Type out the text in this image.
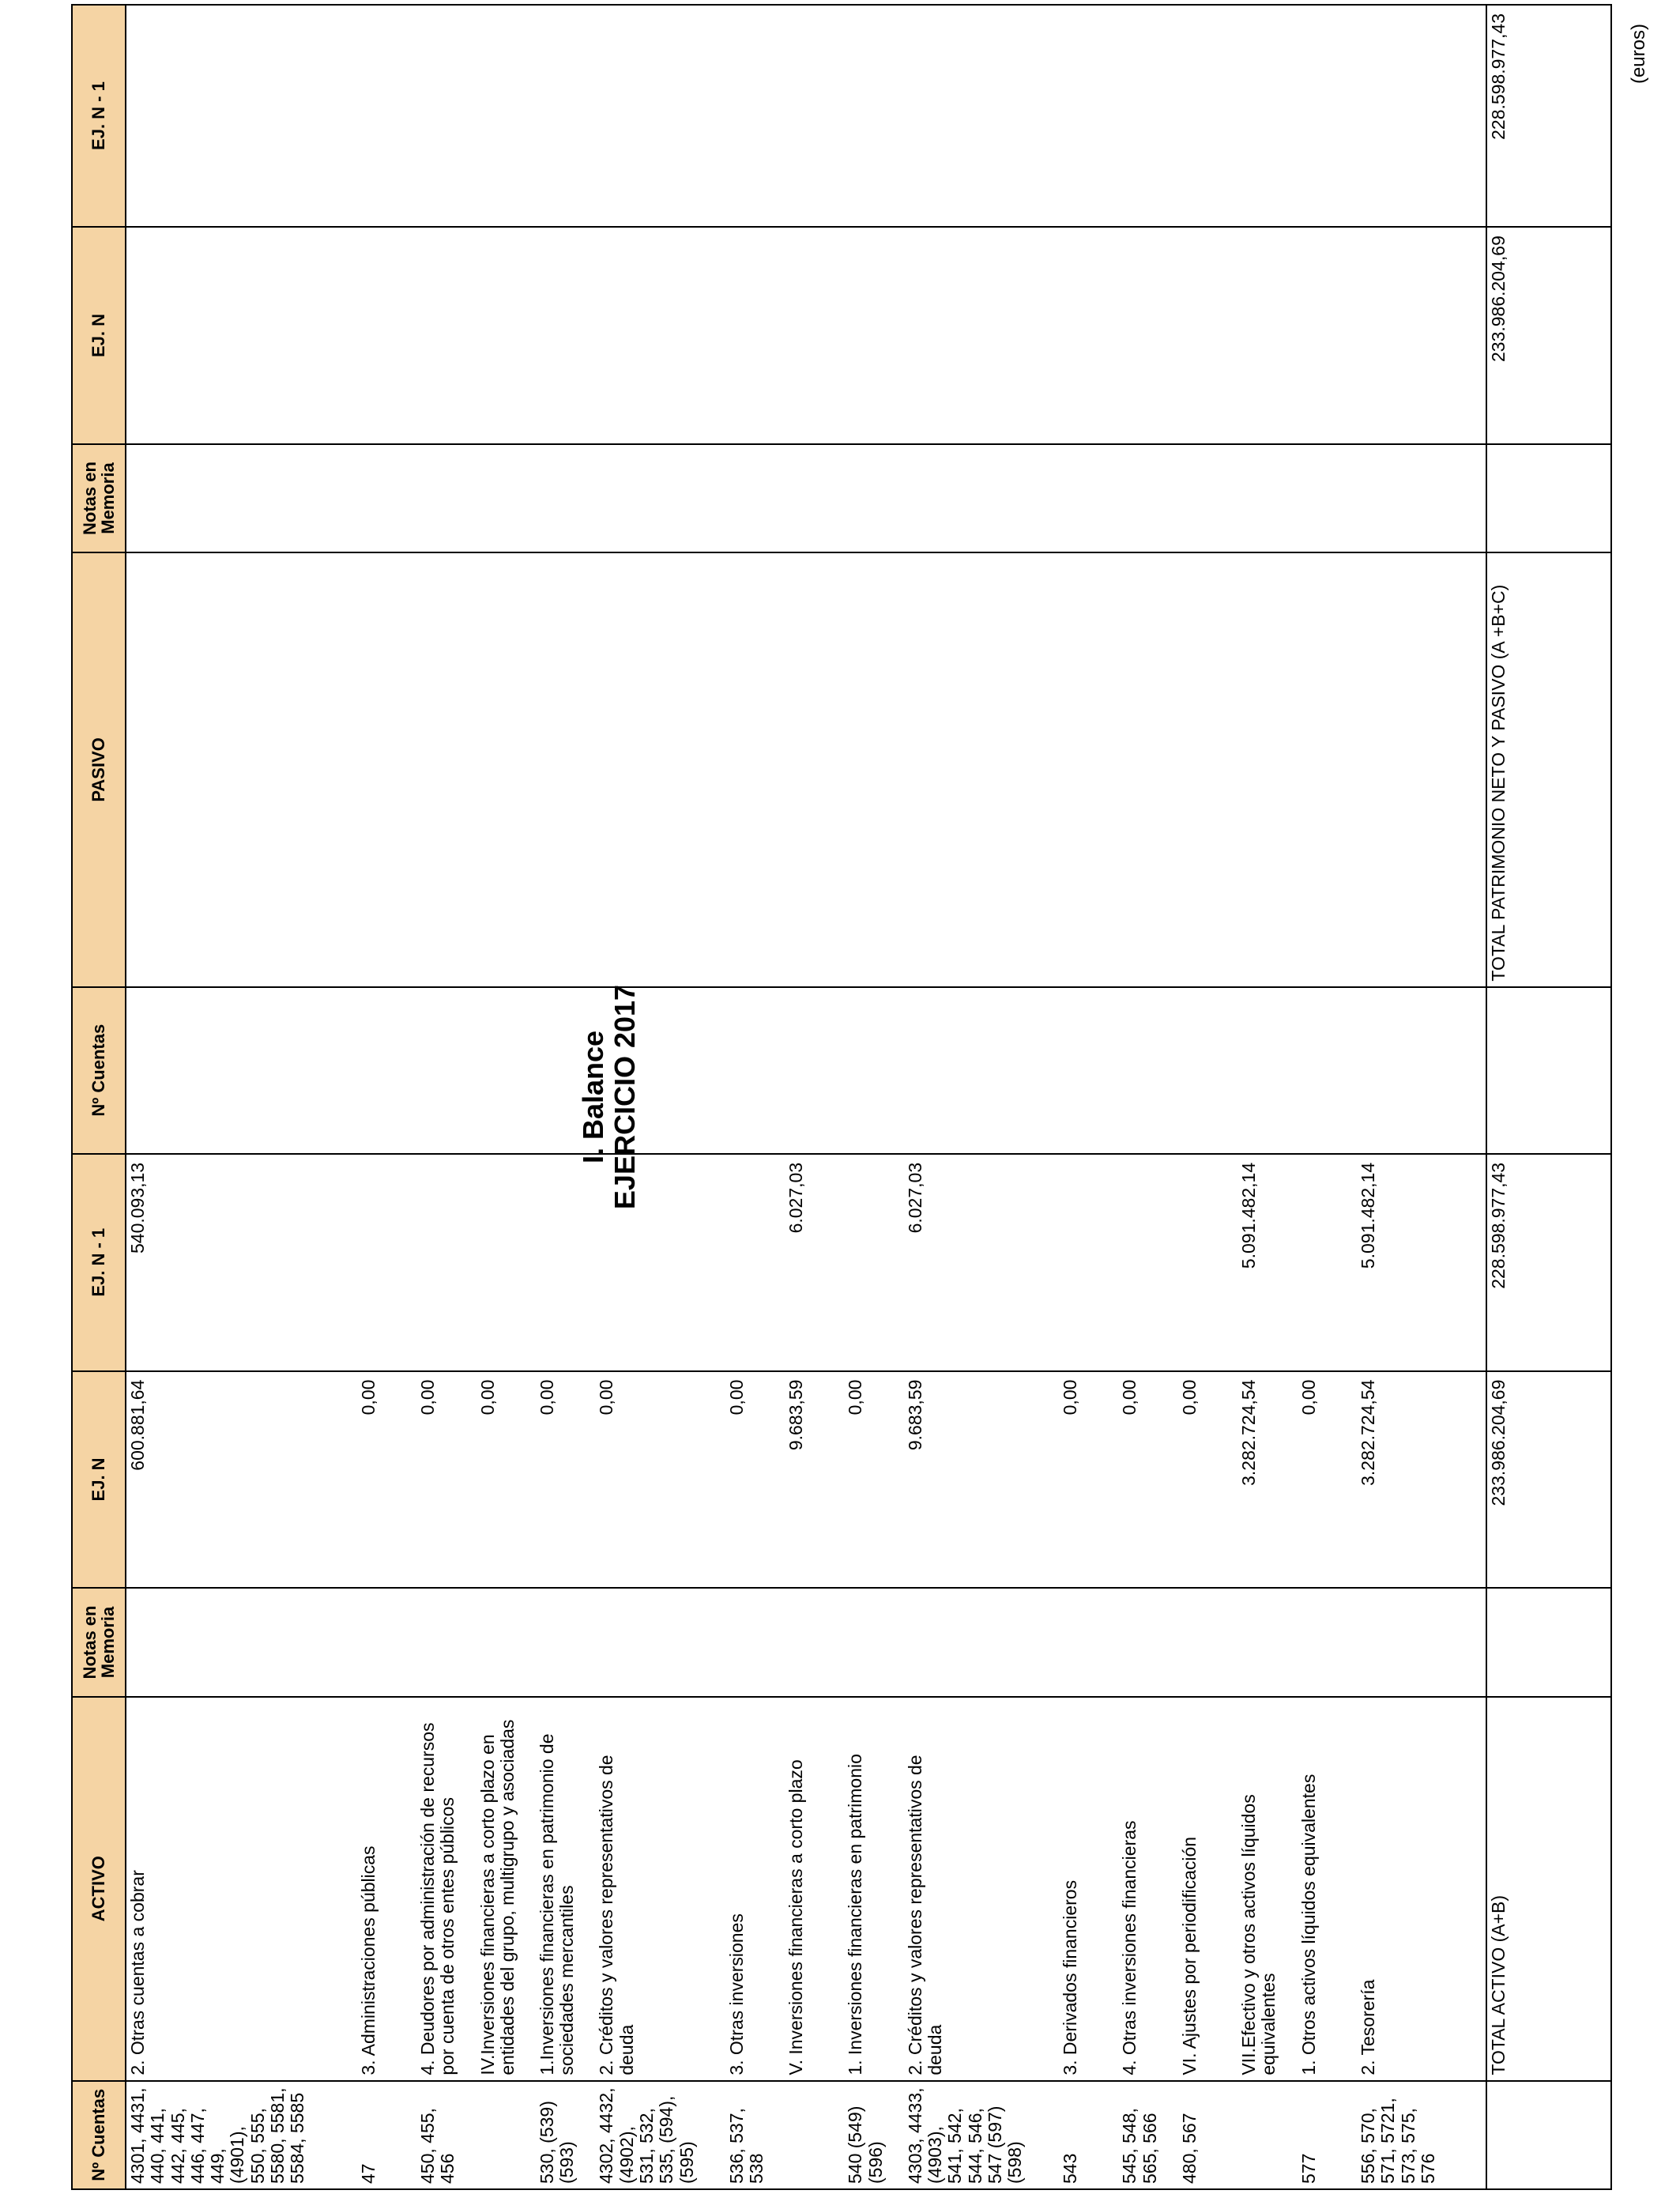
I. Balance EJERCICIO 2017
(euros)
Nº Cuentas	ACTIVO	Notas en Memoria	EJ. N	EJ. N - 1	Nº Cuentas	PASIVO	Notas en Memoria	EJ. N	EJ. N - 1
4301, 4431, 440, 441, 442, 445, 446, 447, 449, (4901), 550, 555, 5580, 5581, 5584, 5585	2. Otras cuentas a cobrar		600.881,64	540.093,13					
47	3. Administraciones públicas		0,00						
450, 455, 456	4. Deudores por administración de recursos por cuenta de otros entes públicos		0,00						
	IV.Inversiones financieras a corto plazo en entidades del grupo, multigrupo y asociadas		0,00						
530, (539) (593)	1.Inversiones financieras en patrimonio de sociedades mercantiles		0,00						
4302, 4432, (4902), 531, 532, 535, (594), (595)	2. Créditos y valores representativos de deuda		0,00						
536, 537, 538	3. Otras inversiones		0,00						
	V. Inversiones financieras a corto plazo		9.683,59	6.027,03					
540 (549) (596)	1. Inversiones financieras en patrimonio		0,00						
4303, 4433, (4903), 541, 542, 544, 546, 547 (597) (598)	2. Créditos y valores representativos de deuda		9.683,59	6.027,03					
543	3. Derivados financieros		0,00						
545, 548, 565, 566	4. Otras inversiones financieras		0,00						
480, 567	VI. Ajustes por periodificación		0,00						
	VII.Efectivo y otros activos líquidos equivalentes		3.282.724,54	5.091.482,14					
577	1. Otros activos líquidos equivalentes		0,00						
556, 570, 571, 5721, 573, 575, 576	2. Tesorería		3.282.724,54	5.091.482,14					
	TOTAL ACTIVO (A+B)		233.986.204,69	228.598.977,43		TOTAL PATRIMONIO NETO Y PASIVO (A +B+C)		233.986.204,69	228.598.977,43
